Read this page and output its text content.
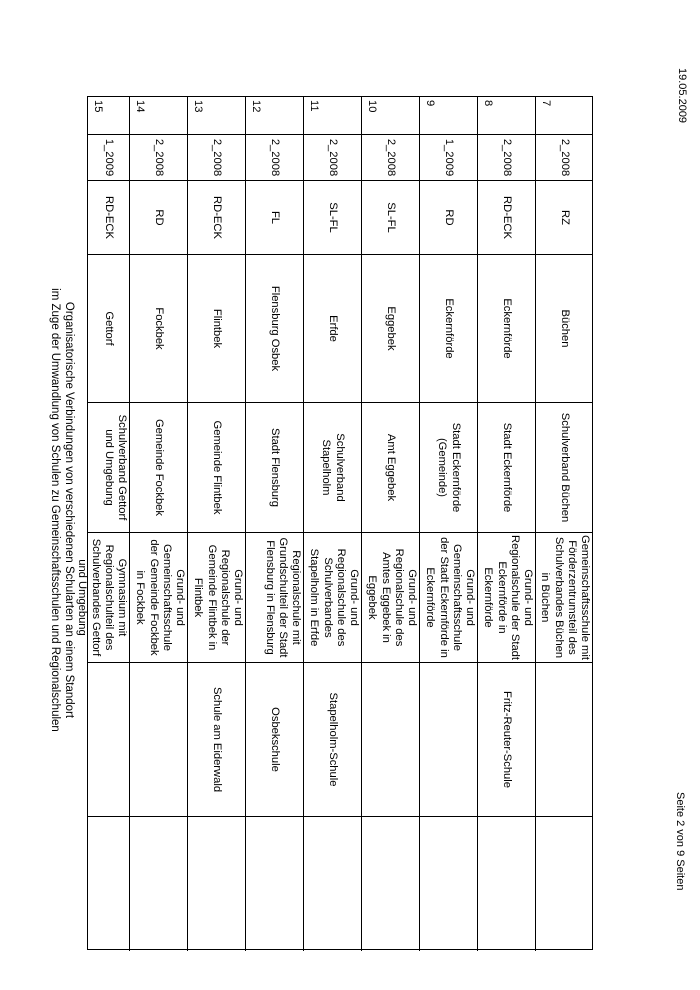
19.05.2009
Seite 2 von 9 Seiten
Organisatorische Verbindungen von verschiedenen Schularten an einem Standort
im Zuge der Umwandlung von Schulen zu Gemeinschaftsschulen und Regionalschulen
7
2_2008
RZ
Büchen
Schulverband Büchen
Gemeinschaftsschule mit Förderzentrumsteil des Schulverbandes Büchen in Büchen
8
2_2008
RD-ECK
Eckernförde
Stadt Eckernförde
Grund- und Regionalschule der Stadt Eckernförde in Eckernförde
Fritz-Reuter-Schule
9
1_2009
RD
Eckernförde
Stadt Eckernförde (Gemeinde)
Grund- und Gemeinschaftsschule der Stadt Eckernförde in Eckernförde
10
2_2008
SL-FL
Eggebek
Amt Eggebek
Grund- und Regionalschule des Amtes Eggebek in Eggebek
11
2_2008
SL-FL
Erfde
Schulverband Stapelholm
Grund- und Regionalschule des Schulverbandes Stapelholm in Erfde
Stapelholm-Schule
12
2_2008
FL
Flensburg Osbek
Stadt Flensburg
Regionalschule mit Grundschulteil der Stadt Flensburg in Flensburg
Osbekschule
13
2_2008
RD-ECK
Flintbek
Gemeinde Flintbek
Grund- und Regionalschule der Gemeinde Flintbek in Flintbek
Schule am Eiderwald
14
2_2008
RD
Fockbek
Gemeinde Fockbek
Grund- und Gemeinschaftsschule der Gemeinde Fockbek in Fockbek
15
1_2009
RD-ECK
Gettorf
Schulverband Gettorf und Umgebung
Gymnasium mit Regionalschulteil des Schulverbandes Gettorf und Umgebung
